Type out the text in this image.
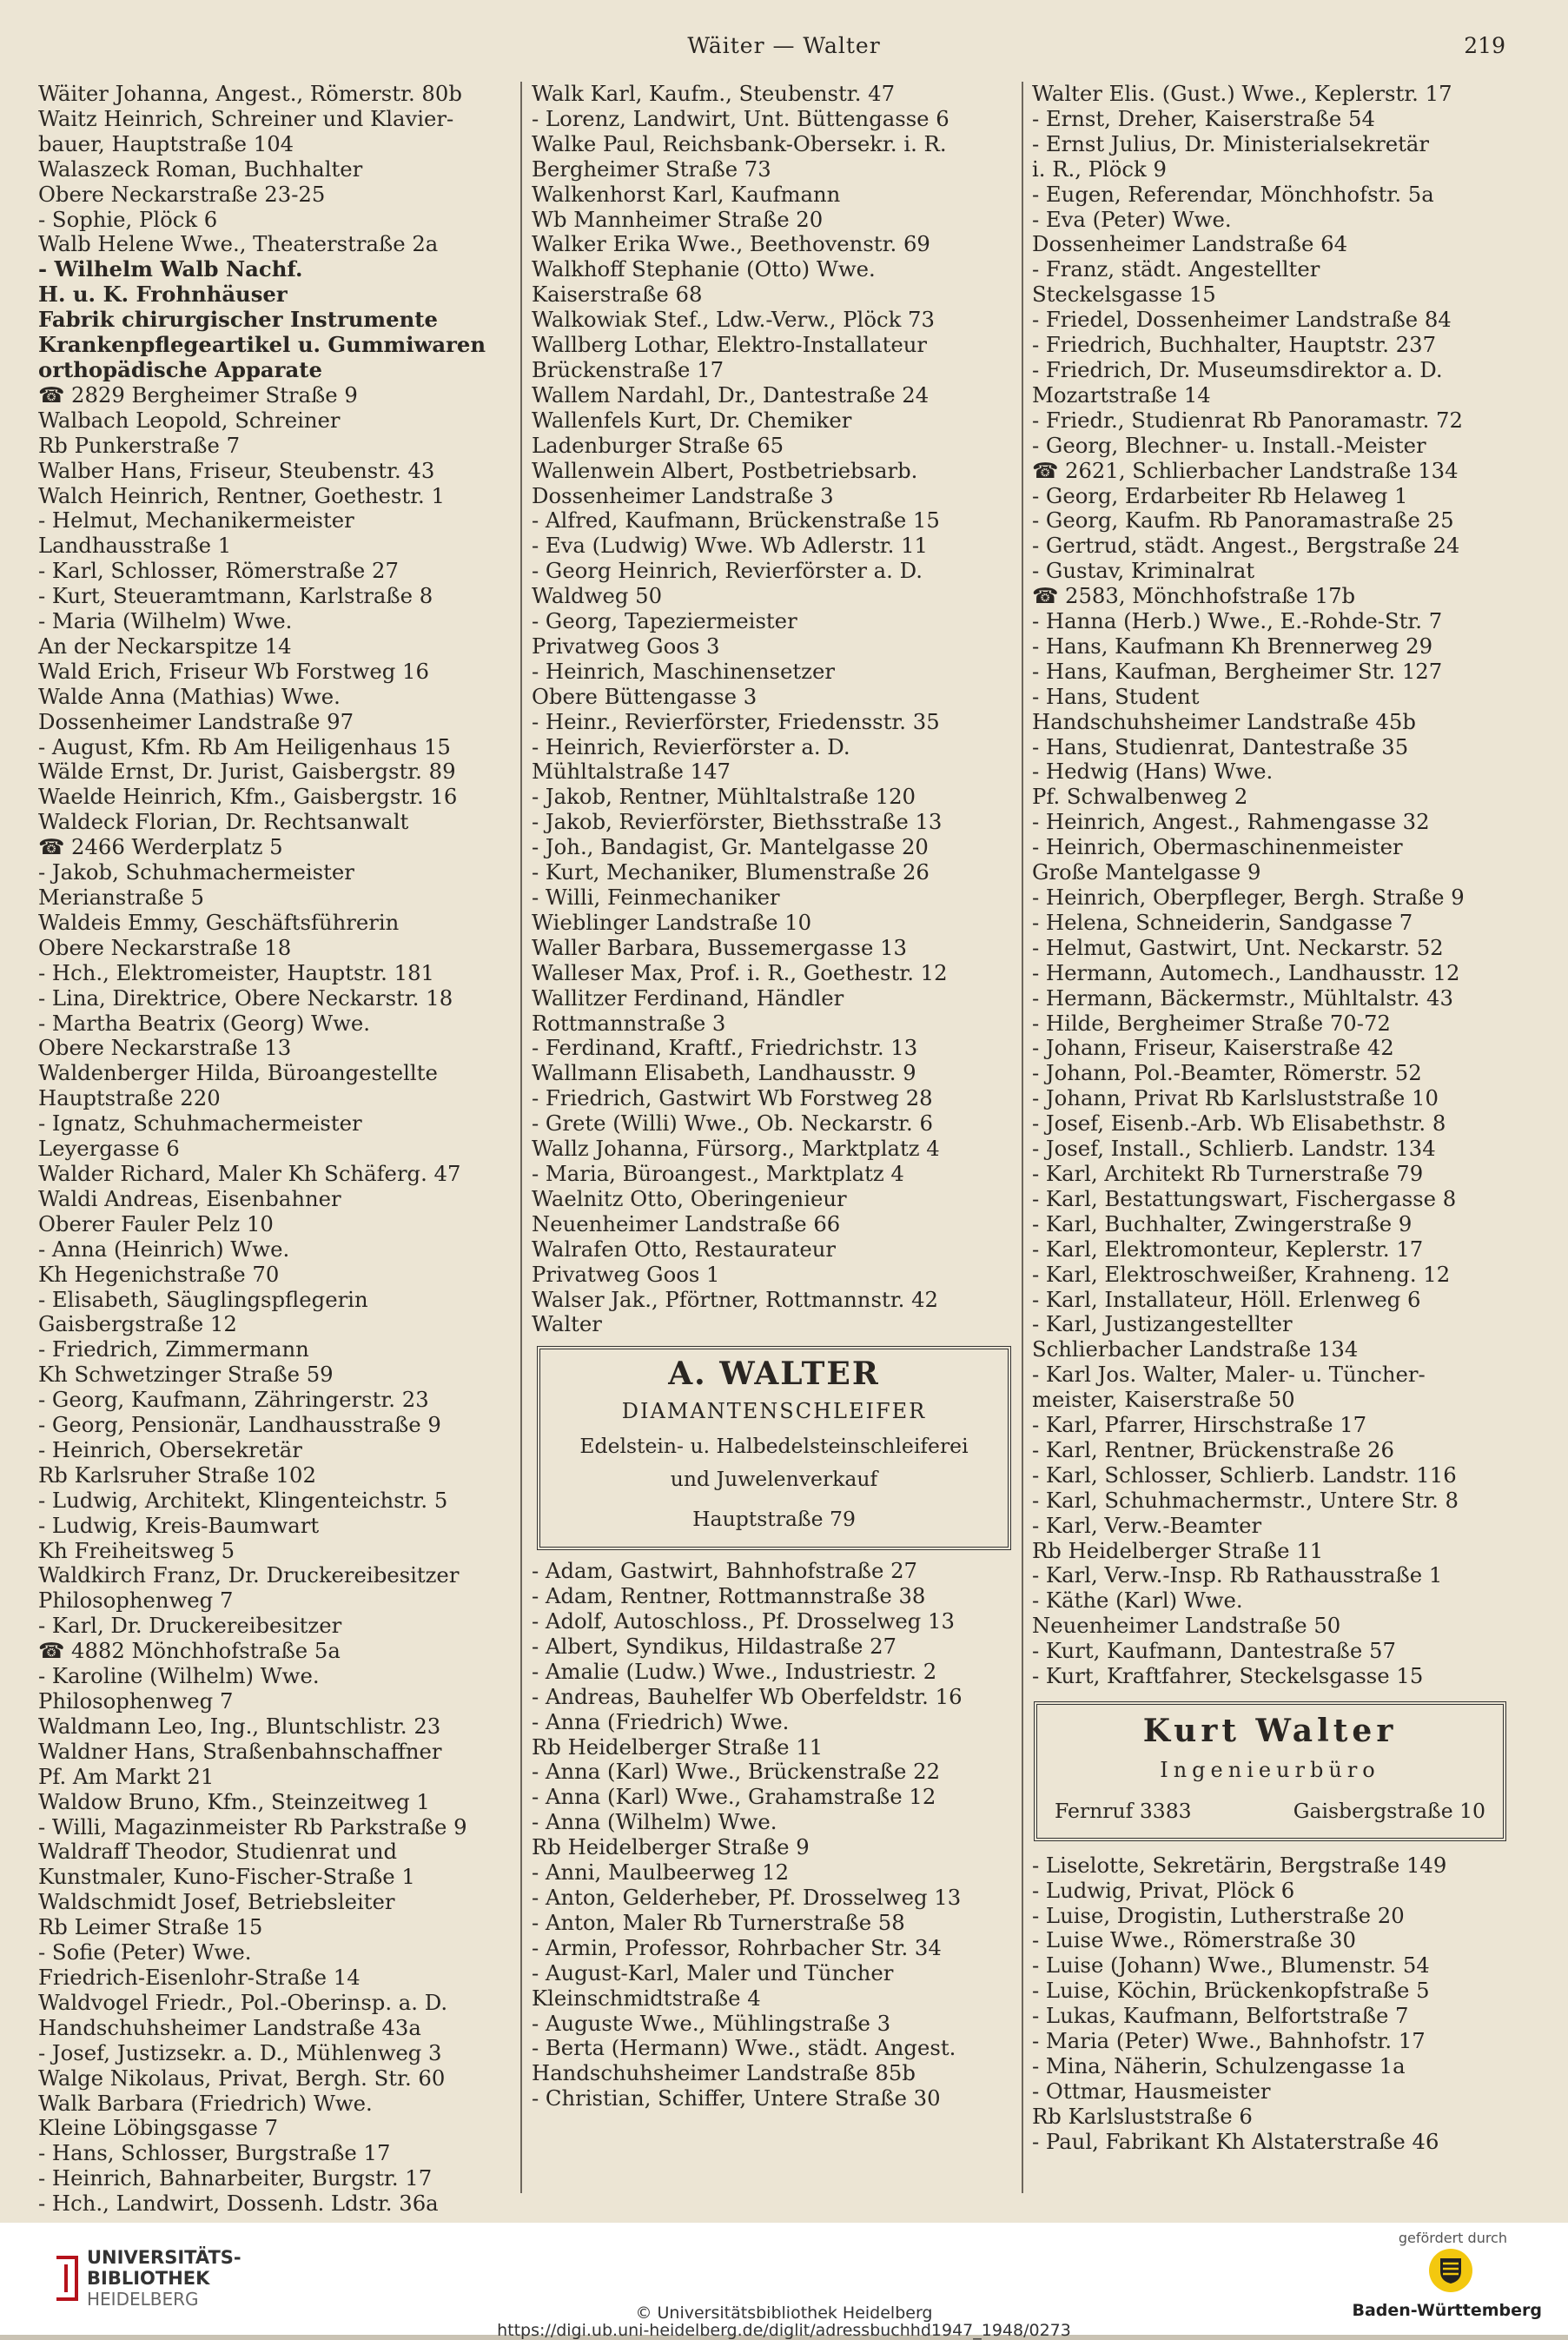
Wäiter — Walter	219
Wäiter Johanna, Angest., Römerstr. 80b
Waitz Heinrich, Schreiner und Klavier-
bauer, Hauptstraße 104
Walaszeck Roman, Buchhalter
Obere Neckarstraße 23-25
- Sophie, Plöck 6
Walb Helene Wwe., Theaterstraße 2a
- Wilhelm Walb Nachf.
H. u. K. Frohnhäuser
Fabrik chirurgischer Instrumente
Krankenpflegeartikel u. Gummiwaren
orthopädische Apparate
☎ 2829 Bergheimer Straße 9
Walbach Leopold, Schreiner
Rb Punkerstraße 7
Walber Hans, Friseur, Steubenstr. 43
Walch Heinrich, Rentner, Goethestr. 1
- Helmut, Mechanikermeister
Landhausstraße 1
- Karl, Schlosser, Römerstraße 27
- Kurt, Steueramtmann, Karlstraße 8
- Maria (Wilhelm) Wwe.
An der Neckarspitze 14
Wald Erich, Friseur Wb Forstweg 16
Walde Anna (Mathias) Wwe.
Dossenheimer Landstraße 97
- August, Kfm. Rb Am Heiligenhaus 15
Wälde Ernst, Dr. Jurist, Gaisbergstr. 89
Waelde Heinrich, Kfm., Gaisbergstr. 16
Waldeck Florian, Dr. Rechtsanwalt
☎ 2466 Werderplatz 5
- Jakob, Schuhmachermeister
Merianstraße 5
Waldeis Emmy, Geschäftsführerin
Obere Neckarstraße 18
- Hch., Elektromeister, Hauptstr. 181
- Lina, Direktrice, Obere Neckarstr. 18
- Martha Beatrix (Georg) Wwe.
Obere Neckarstraße 13
Waldenberger Hilda, Büroangestellte
Hauptstraße 220
- Ignatz, Schuhmachermeister
Leyergasse 6
Walder Richard, Maler Kh Schäferg. 47
Waldi Andreas, Eisenbahner
Oberer Fauler Pelz 10
- Anna (Heinrich) Wwe.
Kh Hegenichstraße 70
- Elisabeth, Säuglingspflegerin
Gaisbergstraße 12
- Friedrich, Zimmermann
Kh Schwetzinger Straße 59
- Georg, Kaufmann, Zähringerstr. 23
- Georg, Pensionär, Landhausstraße 9
- Heinrich, Obersekretär
Rb Karlsruher Straße 102
- Ludwig, Architekt, Klingenteichstr. 5
- Ludwig, Kreis-Baumwart
Kh Freiheitsweg 5
Waldkirch Franz, Dr. Druckereibesitzer
Philosophenweg 7
- Karl, Dr. Druckereibesitzer
☎ 4882 Mönchhofstraße 5a
- Karoline (Wilhelm) Wwe.
Philosophenweg 7
Waldmann Leo, Ing., Bluntschlistr. 23
Waldner Hans, Straßenbahnschaffner
Pf. Am Markt 21
Waldow Bruno, Kfm., Steinzeitweg 1
- Willi, Magazinmeister Rb Parkstraße 9
Waldraff Theodor, Studienrat und
Kunstmaler, Kuno-Fischer-Straße 1
Waldschmidt Josef, Betriebsleiter
Rb Leimer Straße 15
- Sofie (Peter) Wwe.
Friedrich-Eisenlohr-Straße 14
Waldvogel Friedr., Pol.-Oberinsp. a. D.
Handschuhsheimer Landstraße 43a
- Josef, Justizsekr. a. D., Mühlenweg 3
Walge Nikolaus, Privat, Bergh. Str. 60
Walk Barbara (Friedrich) Wwe.
Kleine Löbingsgasse 7
- Hans, Schlosser, Burgstraße 17
- Heinrich, Bahnarbeiter, Burgstr. 17
- Hch., Landwirt, Dossenh. Ldstr. 36a
Walk Karl, Kaufm., Steubenstr. 47
- Lorenz, Landwirt, Unt. Büttengasse 6
Walke Paul, Reichsbank-Obersekr. i. R.
Bergheimer Straße 73
Walkenhorst Karl, Kaufmann
Wb Mannheimer Straße 20
Walker Erika Wwe., Beethovenstr. 69
Walkhoff Stephanie (Otto) Wwe.
Kaiserstraße 68
Walkowiak Stef., Ldw.-Verw., Plöck 73
Wallberg Lothar, Elektro-Installateur
Brückenstraße 17
Wallem Nardahl, Dr., Dantestraße 24
Wallenfels Kurt, Dr. Chemiker
Ladenburger Straße 65
Wallenwein Albert, Postbetriebsarb.
Dossenheimer Landstraße 3
- Alfred, Kaufmann, Brückenstraße 15
- Eva (Ludwig) Wwe. Wb Adlerstr. 11
- Georg Heinrich, Revierförster a. D.
Waldweg 50
- Georg, Tapeziermeister
Privatweg Goos 3
- Heinrich, Maschinensetzer
Obere Büttengasse 3
- Heinr., Revierförster, Friedensstr. 35
- Heinrich, Revierförster a. D.
Mühltalstraße 147
- Jakob, Rentner, Mühltalstraße 120
- Jakob, Revierförster, Biethsstraße 13
- Joh., Bandagist, Gr. Mantelgasse 20
- Kurt, Mechaniker, Blumenstraße 26
- Willi, Feinmechaniker
Wieblinger Landstraße 10
Waller Barbara, Bussemergasse 13
Walleser Max, Prof. i. R., Goethestr. 12
Wallitzer Ferdinand, Händler
Rottmannstraße 3
- Ferdinand, Kraftf., Friedrichstr. 13
Wallmann Elisabeth, Landhausstr. 9
- Friedrich, Gastwirt Wb Forstweg 28
- Grete (Willi) Wwe., Ob. Neckarstr. 6
Wallz Johanna, Fürsorg., Marktplatz 4
- Maria, Büroangest., Marktplatz 4
Waelnitz Otto, Oberingenieur
Neuenheimer Landstraße 66
Walrafen Otto, Restaurateur
Privatweg Goos 1
Walser Jak., Pförtner, Rottmannstr. 42
Walter
A. WALTER
DIAMANTENSCHLEIFER
Edelstein- u. Halbedelsteinschleiferei
und Juwelenverkauf
Hauptstraße 79
- Adam, Gastwirt, Bahnhofstraße 27
- Adam, Rentner, Rottmannstraße 38
- Adolf, Autoschloss., Pf. Drosselweg 13
- Albert, Syndikus, Hildastraße 27
- Amalie (Ludw.) Wwe., Industriestr. 2
- Andreas, Bauhelfer Wb Oberfeldstr. 16
- Anna (Friedrich) Wwe.
Rb Heidelberger Straße 11
- Anna (Karl) Wwe., Brückenstraße 22
- Anna (Karl) Wwe., Grahamstraße 12
- Anna (Wilhelm) Wwe.
Rb Heidelberger Straße 9
- Anni, Maulbeerweg 12
- Anton, Gelderheber, Pf. Drosselweg 13
- Anton, Maler Rb Turnerstraße 58
- Armin, Professor, Rohrbacher Str. 34
- August-Karl, Maler und Tüncher
Kleinschmidtstraße 4
- Auguste Wwe., Mühlingstraße 3
- Berta (Hermann) Wwe., städt. Angest.
Handschuhsheimer Landstraße 85b
- Christian, Schiffer, Untere Straße 30
Walter Elis. (Gust.) Wwe., Keplerstr. 17
- Ernst, Dreher, Kaiserstraße 54
- Ernst Julius, Dr. Ministerialsekretär
i. R., Plöck 9
- Eugen, Referendar, Mönchhofstr. 5a
- Eva (Peter) Wwe.
Dossenheimer Landstraße 64
- Franz, städt. Angestellter
Steckelsgasse 15
- Friedel, Dossenheimer Landstraße 84
- Friedrich, Buchhalter, Hauptstr. 237
- Friedrich, Dr. Museumsdirektor a. D.
Mozartstraße 14
- Friedr., Studienrat Rb Panoramastr. 72
- Georg, Blechner- u. Install.-Meister
☎ 2621, Schlierbacher Landstraße 134
- Georg, Erdarbeiter Rb Helaweg 1
- Georg, Kaufm. Rb Panoramastraße 25
- Gertrud, städt. Angest., Bergstraße 24
- Gustav, Kriminalrat
☎ 2583, Mönchhofstraße 17b
- Hanna (Herb.) Wwe., E.-Rohde-Str. 7
- Hans, Kaufmann Kh Brennerweg 29
- Hans, Kaufman, Bergheimer Str. 127
- Hans, Student
Handschuhsheimer Landstraße 45b
- Hans, Studienrat, Dantestraße 35
- Hedwig (Hans) Wwe.
Pf. Schwalbenweg 2
- Heinrich, Angest., Rahmengasse 32
- Heinrich, Obermaschinenmeister
Große Mantelgasse 9
- Heinrich, Oberpfleger, Bergh. Straße 9
- Helena, Schneiderin, Sandgasse 7
- Helmut, Gastwirt, Unt. Neckarstr. 52
- Hermann, Automech., Landhausstr. 12
- Hermann, Bäckermstr., Mühltalstr. 43
- Hilde, Bergheimer Straße 70-72
- Johann, Friseur, Kaiserstraße 42
- Johann, Pol.-Beamter, Römerstr. 52
- Johann, Privat Rb Karlsluststraße 10
- Josef, Eisenb.-Arb. Wb Elisabethstr. 8
- Josef, Install., Schlierb. Landstr. 134
- Karl, Architekt Rb Turnerstraße 79
- Karl, Bestattungswart, Fischergasse 8
- Karl, Buchhalter, Zwingerstraße 9
- Karl, Elektromonteur, Keplerstr. 17
- Karl, Elektroschweißer, Krahneng. 12
- Karl, Installateur, Höll. Erlenweg 6
- Karl, Justizangestellter
Schlierbacher Landstraße 134
- Karl Jos. Walter, Maler- u. Tüncher-
meister, Kaiserstraße 50
- Karl, Pfarrer, Hirschstraße 17
- Karl, Rentner, Brückenstraße 26
- Karl, Schlosser, Schlierb. Landstr. 116
- Karl, Schuhmachermstr., Untere Str. 8
- Karl, Verw.-Beamter
Rb Heidelberger Straße 11
- Karl, Verw.-Insp. Rb Rathausstraße 1
- Käthe (Karl) Wwe.
Neuenheimer Landstraße 50
- Kurt, Kaufmann, Dantestraße 57
- Kurt, Kraftfahrer, Steckelsgasse 15
Kurt Walter
Ingenieurbüro
Fernruf 3383	Gaisbergstraße 10
- Liselotte, Sekretärin, Bergstraße 149
- Ludwig, Privat, Plöck 6
- Luise, Drogistin, Lutherstraße 20
- Luise Wwe., Römerstraße 30
- Luise (Johann) Wwe., Blumenstr. 54
- Luise, Köchin, Brückenkopfstraße 5
- Lukas, Kaufmann, Belfortstraße 7
- Maria (Peter) Wwe., Bahnhofstr. 17
- Mina, Näherin, Schulzengasse 1a
- Ottmar, Hausmeister
Rb Karlsluststraße 6
- Paul, Fabrikant Kh Alstaterstraße 46
UNIVERSITÄTS-
BIBLIOTHEK
HEIDELBERG
© Universitätsbibliothek Heidelberg
https://digi.ub.uni-heidelberg.de/diglit/adressbuchhd1947_1948/0273
gefördert durch
Baden-Württemberg
